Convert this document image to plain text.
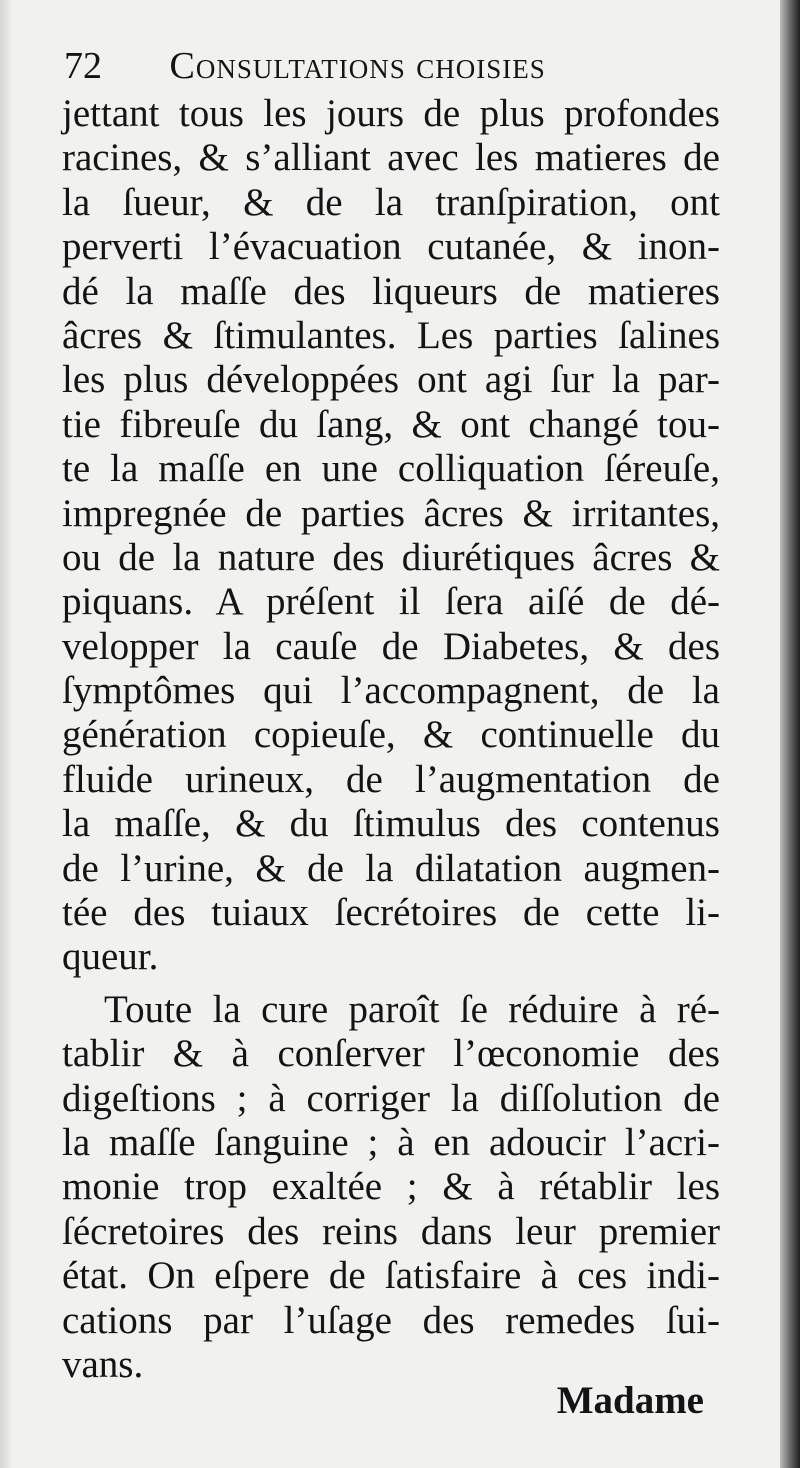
72 Consultations choisies
jettant tous les jours de plus profondes
racines, & s’alliant avec les matieres de
la ſueur, & de la tranſpiration, ont
perverti l’évacuation cutanée, & inon-
dé la maſſe des liqueurs de matieres
âcres & ſtimulantes. Les parties ſalines
les plus développées ont agi ſur la par-
tie fibreuſe du ſang, & ont changé tou-
te la maſſe en une colliquation ſéreuſe,
impregnée de parties âcres & irritantes,
ou de la nature des diurétiques âcres &
piquans. A préſent il ſera aiſé de dé-
velopper la cauſe de Diabetes, & des
ſymptômes qui l’accompagnent, de la
génération copieuſe, & continuelle du
fluide urineux, de l’augmentation de
la maſſe, & du ſtimulus des contenus
de l’urine, & de la dilatation augmen-
tée des tuiaux ſecrétoires de cette li-
queur.
Toute la cure paroît ſe réduire à ré-
tablir & à conſerver l’œconomie des
digeſtions ; à corriger la diſſolution de
la maſſe ſanguine ; à en adoucir l’acri-
monie trop exaltée ; & à rétablir les
ſécretoires des reins dans leur premier
état. On eſpere de ſatisfaire à ces indi-
cations par l’uſage des remedes ſui-
vans.
Madame
